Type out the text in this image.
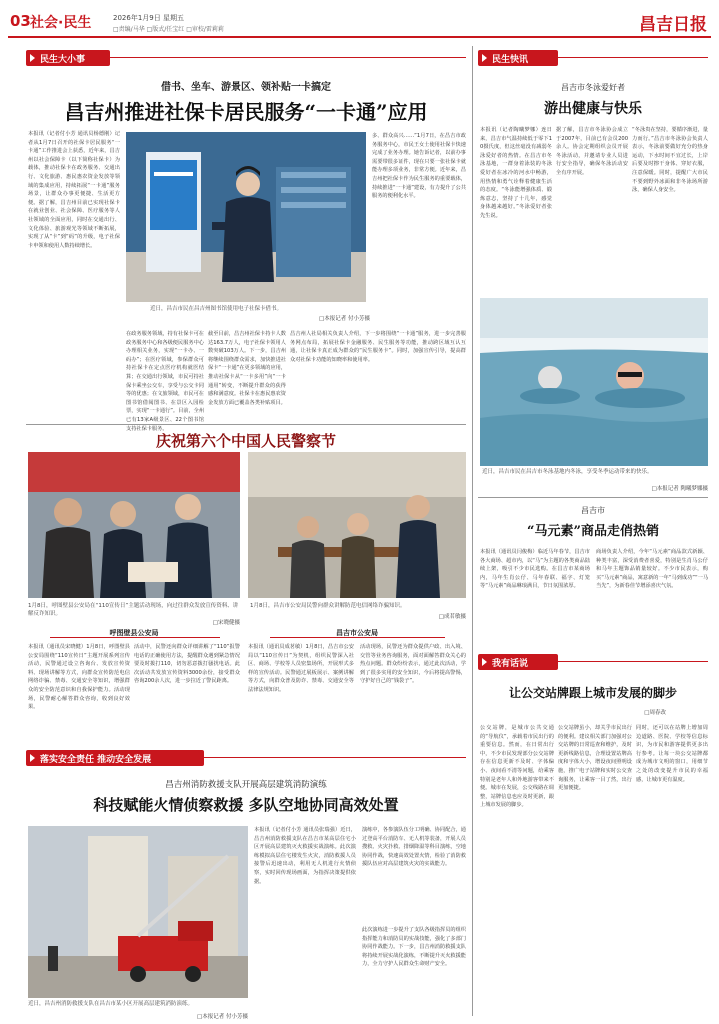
03 社会·民生	2026年1月9日 星期五
□责编/马华 □版式/任宝红 □审校/雷莉莉	昌吉日报
民生大小事
借书、坐车、游景区、领补贴一卡搞定
昌吉州推进社保卡居民服务“一卡通”应用
本报讯（记者付小芳 通讯员杨德刚）记者从1月7日召开的社保卡居民服务“一卡通”工作推进会上获悉，近年来，昌吉州以社会保障卡（以下简称社保卡）为载体，推动社保卡在政务服务、交通出行、文化旅游、惠民惠农资金发放等领域的集成应用，持续拓展“一卡通”服务场景，让群众办事更便捷、生活更方便。据了解，昌吉州目前已实现社保卡在就业创业、社会保障、医疗服务等人社领域的全面应用，同时在交通出行、文化体验、旅游观光等领域不断拓展，实现了从“卡”到“码”的升级，电子社保卡申领和使用人数持续增长。
近日，昌吉市民在昌吉州图书馆使用电子社保卡借书。
□本报记者 付小芳摄
在政务服务领域，持有社保卡可在政务服务中心和各级便民服务中心办理相关业务，实现“一卡办、一码办”；在医疗领域，参保群众可持社保卡在定点医疗机构就医结算；在交通出行领域，市民可持社保卡乘坐公交车，享受与公交卡同等的优惠；在文旅领域，市民可在图书馆借阅图书、在景区入园检票，实现“一卡通行”。目前，全州已有13家A级景区、22个图书馆支持社保卡服务。
截至目前，昌吉州社保卡持卡人数达163.7万人，电子社保卡领用人数突破103万人。下一步，昌吉州将继续围绕群众需求，加快推进社保卡“一卡通”在更多领域的应用，推动社保卡从“一卡多用”向“一卡通用”转变，不断提升群众的获得感和满意度。社保卡在惠民惠农资金发放方面已覆盖各类补贴项目。
多、群众高兴……”1月7日，在昌吉市政务服务中心，市民王女士使用社保卡快速完成了业务办理。她告诉记者，以前办事需要带很多证件，现在只要一张社保卡就能办理多项业务，非常方便。近年来，昌吉州把社保卡作为民生服务的重要载体，持续推进“一卡通”建设，有力提升了公共服务的便利化水平。
昌吉州人社局相关负责人介绍，下一步将围绕“一卡通”服务，进一步完善服务网点布局，拓展社保卡金融服务、民生服务等功能，推动跨区域互认互通，让社保卡真正成为群众的“民生服务卡”。同时，加强宣传引导，提高群众对社保卡功能的知晓率和使用率。
庆祝第六个中国人民警察节
1月8日，呼图壁县公安局在“110宣传日”主题活动现场，向过往群众发放宣传资料、讲解反诈知识。
□宋晓健摄
1月8日，昌吉市公安局民警向群众讲解防范电信网络诈骗知识。
□成茗敏摄
呼图壁县公安局	昌吉市公安局
本报讯（通讯员宋晓健）1月8日，呼图壁县公安局围绕“110宣传日”主题开展系列宣传活动，民警通过设立咨询台、发放宣传资料、现场讲解等方式，向群众宣传防范电信网络诈骗、禁毒、交通安全等知识，增强群众的安全防范意识和自我保护能力。活动现场，民警耐心解答群众咨询，收到良好效果。
活动中，民警还向群众详细讲解了“110”报警电话的正确使用方法，提醒群众遇到紧急情况要及时拨打110，切勿恶意拨打骚扰电话。此次活动共发放宣传资料3000余份，接受群众咨询200余人次，进一步拉近了警民距离。
本报讯（通讯员成茗敏）1月8日，昌吉市公安局以“110宣传日”为契机，组织民警深入社区、商场、学校等人员密集场所，开展形式多样的宣传活动。民警通过展板展示、案例讲解等方式，向群众普及防诈、禁毒、交通安全等法律法规知识。
活动现场，民警还为群众提供户政、出入境、交管等业务咨询服务，面对面解答群众关心的热点问题。群众纷纷表示，通过此次活动，学到了很多实用的安全知识，今后将提高警惕，守护好自己的“钱袋子”。
民生快讯
昌吉市冬泳爱好者
游出健康与快乐
本报讯（记者陶曦梦娜）连日来，昌吉市气温持续低于零下10摄氏度，但这丝毫没有减弱冬泳爱好者的热情。在昌吉市冬泳基地，一群身着泳装的冬泳爱好者在冰冷的河水中畅游，用热情和勇气诠释着健康生活的态度。“冬泳能增强体质、锻炼意志，坚持了十几年，感觉身体越来越好。”冬泳爱好者张先生说。
据了解，昌吉市冬泳协会成立于2007年，目前已有会员200余人。协会定期组织会员开展冬泳活动，并邀请专业人员进行安全指导，确保冬泳活动安全有序开展。
“冬泳贵在坚持，要循序渐进，量力而行。”昌吉市冬泳协会负责人表示，冬泳前要做好充分的热身运动，下水时间不宜过长，上岸后要及时擦干身体、穿好衣服，注意保暖。同时，提醒广大市民不要到野外冰面和非冬泳场所游泳，确保人身安全。
近日，昌吉市民在昌吉市冬泳基地内冬泳，享受冬季运动带来的快乐。
□本报记者 陶曦梦娜摄
昌吉市
“马元素”商品走俏热销
本报讯（通讯员闫俊梅）临近马年春节，昌吉市各大商场、超市内，以“马”为主题的各类商品陆续上架，吸引不少市民选购。在昌吉市某商场内，马年生肖公仔、马年春联、福字、灯笼等“马元素”商品琳琅满目，节日氛围浓厚。
商场负责人介绍，今年“马元素”商品款式新颖、种类丰富，深受消费者喜爱，特别是生肖马公仔和马年主题饰品销量较好。不少市民表示，购买“马元素”商品，寓意新的一年“马到成功”“一马当先”，为新春佳节增添喜庆气氛。
我有话说
让公交站牌跟上城市发展的脚步
□周春改
公交站牌，是城市公共交通的“导航仪”，承载着市民出行的重要信息。然而，在日常出行中，不少市民发现部分公交站牌存在信息更新不及时、字体偏小、夜间看不清等问题，给乘客特别是老年人和外地游客带来不便。城市在发展，公交线路在调整，站牌信息也应及时更新，跟上城市发展的脚步。
公交站牌虽小，却关乎市民出行的便利。建议相关部门加强对公交站牌的日常巡查和维护，及时更新线路信息，合理设置站牌高度和字体大小，增设夜间照明设施，推广电子站牌和实时公交查询服务，让乘客一目了然，出行更加便捷。
同时，还可以在站牌上增加周边道路、医院、学校等信息标识，为市民和游客提供更多出行参考。让每一块公交站牌都成为城市文明的窗口，用细节之处的改变提升市民的幸福感，让城市更有温度。
落实安全责任 推动安全发展
昌吉州消防救援支队开展高层建筑消防演练
科技赋能火情侦察救援 多队空地协同高效处置
近日，昌吉州消防救援支队在昌吉市某小区开展高层建筑消防演练。
□本报记者 付小芳摄
本报讯（记者付小芳 通讯员张瑞强）近日，昌吉州消防救援支队在昌吉市某高层住宅小区开展高层建筑灭火救援实战演练。此次演练模拟高层住宅楼发生火灾，消防救援人员接警后迅速出动，利用无人机进行火情侦察，实时回传现场画面，为指挥决策提供依据。
演练中，各参演队伍分工明确、协同配合，通过登高平台消防车、无人机等装备，开展人员搜救、火灾扑救、排烟降温等科目演练，空地协同作战，快速高效处置火情，检验了消防救援队伍应对高层建筑火灾的实战能力。
此次演练进一步提升了支队各级指挥员的组织指挥能力和消防员的实战技能，强化了多部门协同作战能力。下一步，昌吉州消防救援支队将持续开展实战化演练，不断提升灭火救援能力，全力守护人民群众生命财产安全。
